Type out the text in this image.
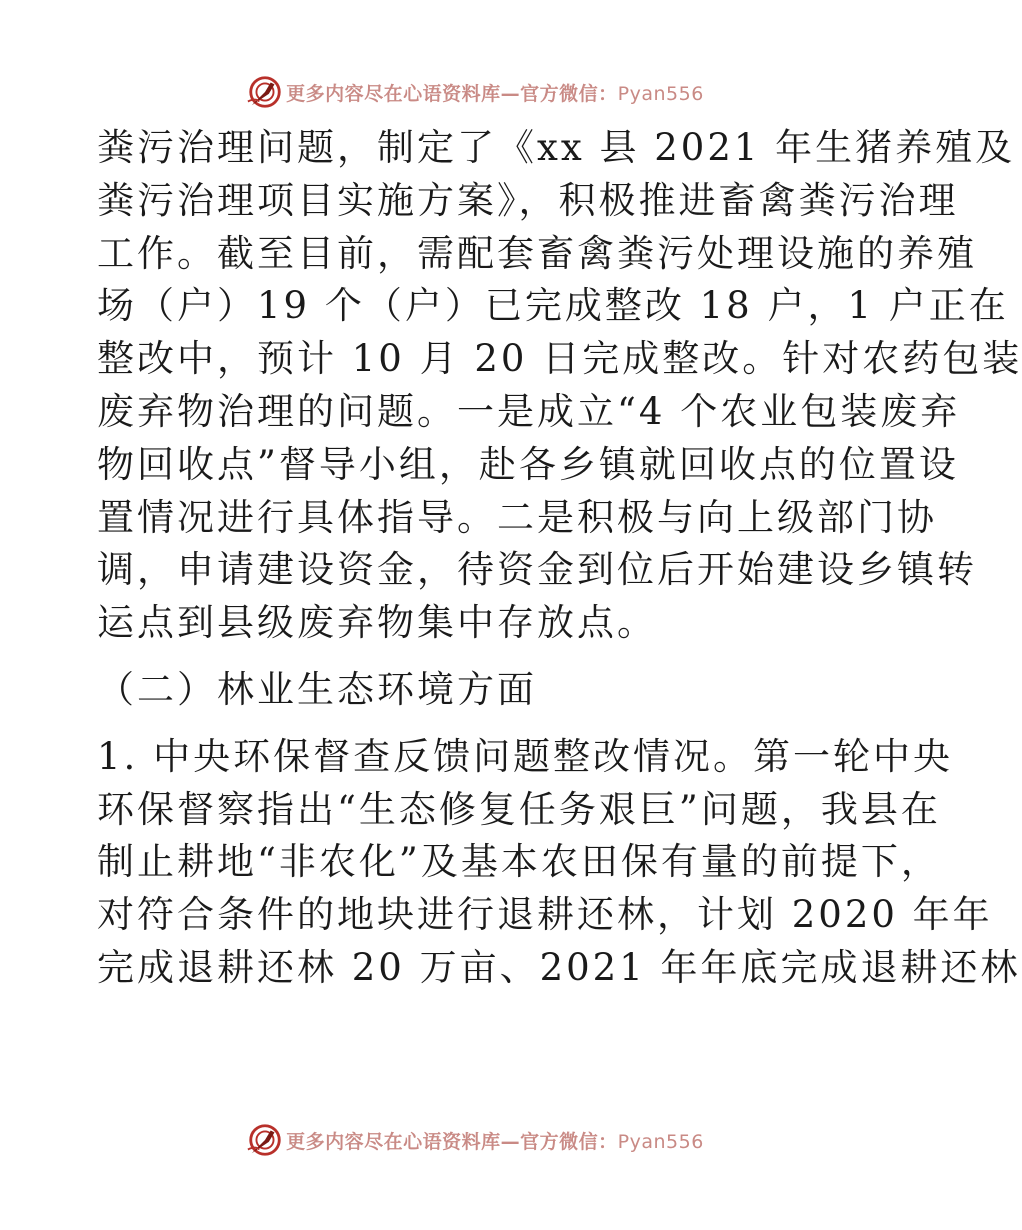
更多内容尽在心语资料库—官方微信：Pyan556
粪污治理问题，制定了《xx 县 2021 年生猪养殖及
粪污治理项目实施方案》，积极推进畜禽粪污治理
工作。截至目前，需配套畜禽粪污处理设施的养殖
场（户）19 个（户）已完成整改 18 户，1 户正在
整改中，预计 10 月 20 日完成整改。针对农药包装
废弃物治理的问题。一是成立“4 个农业包装废弃
物回收点”督导小组，赴各乡镇就回收点的位置设
置情况进行具体指导。二是积极与向上级部门协
调，申请建设资金，待资金到位后开始建设乡镇转
运点到县级废弃物集中存放点。
（二）林业生态环境方面
1. 中央环保督查反馈问题整改情况。第一轮中央
环保督察指出“生态修复任务艰巨”问题，我县在
制止耕地“非农化”及基本农田保有量的前提下，
对符合条件的地块进行退耕还林，计划 2020 年年
完成退耕还林 20 万亩、2021 年年底完成退耕还林
更多内容尽在心语资料库—官方微信：Pyan556
